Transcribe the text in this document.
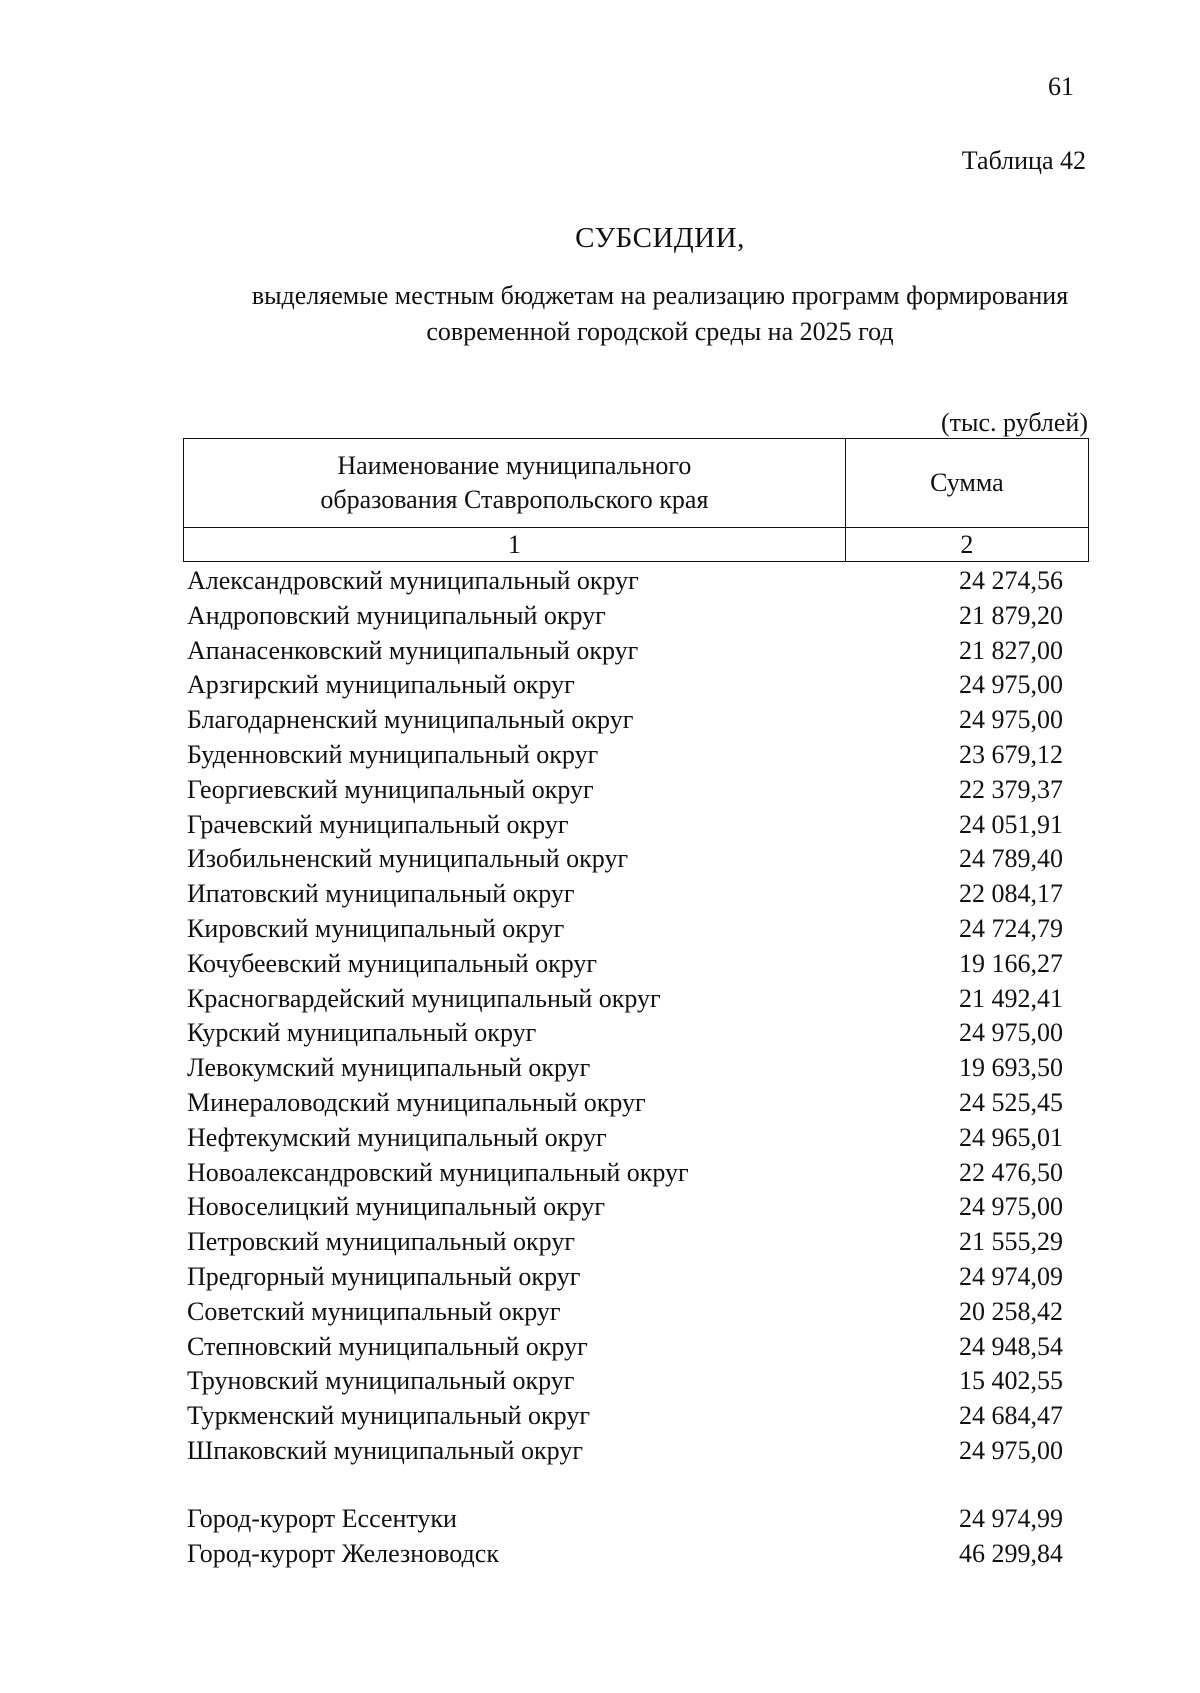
61
Таблица 42
СУБСИДИИ,
выделяемые местным бюджетам на реализацию программ формирования
современной городской среды на 2025 год
(тыс. рублей)
Наименование муниципального
образования Ставропольского края	Сумма
1	2
Александровский муниципальный округ	24 274,56
Андроповский муниципальный округ	21 879,20
Апанасенковский муниципальный округ	21 827,00
Арзгирский муниципальный округ	24 975,00
Благодарненский муниципальный округ	24 975,00
Буденновский муниципальный округ	23 679,12
Георгиевский муниципальный округ	22 379,37
Грачевский муниципальный округ	24 051,91
Изобильненский муниципальный округ	24 789,40
Ипатовский муниципальный округ	22 084,17
Кировский муниципальный округ	24 724,79
Кочубеевский муниципальный округ	19 166,27
Красногвардейский муниципальный округ	21 492,41
Курский муниципальный округ	24 975,00
Левокумский муниципальный округ	19 693,50
Минераловодский муниципальный округ	24 525,45
Нефтекумский муниципальный округ	24 965,01
Новоалександровский муниципальный округ	22 476,50
Новоселицкий муниципальный округ	24 975,00
Петровский муниципальный округ	21 555,29
Предгорный муниципальный округ	24 974,09
Советский муниципальный округ	20 258,42
Степновский муниципальный округ	24 948,54
Труновский муниципальный округ	15 402,55
Туркменский муниципальный округ	24 684,47
Шпаковский муниципальный округ	24 975,00
Город-курорт Ессентуки	24 974,99
Город-курорт Железноводск	46 299,84
